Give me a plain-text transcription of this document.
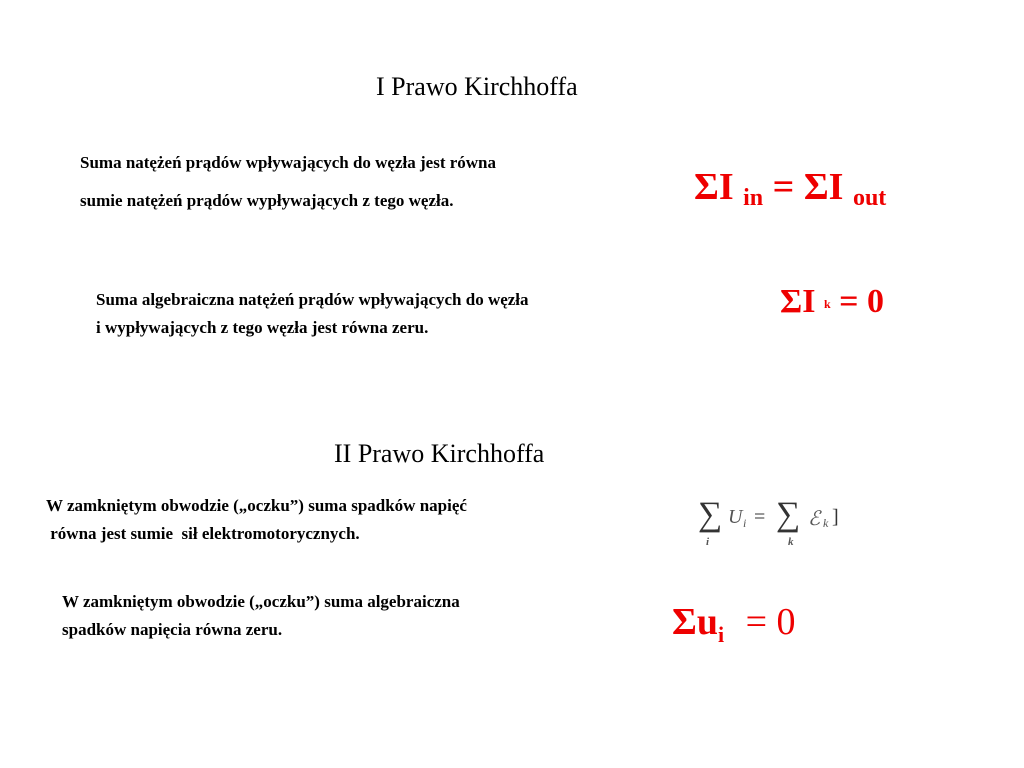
I Prawo Kirchhoffa
Suma natężeń prądów wpływających do węzła jest równa
sumie natężeń prądów wypływających z tego węzła.	ΣI in = ΣI out
Suma algebraiczna natężeń prądów wpływających do węzła
i wypływających z tego węzła jest równa zeru.
ΣI k = 0
II Prawo Kirchhoffa
W zamkniętym obwodzie („oczku”) suma spadków napięć
równa jest sumie  sił elektromotorycznych.
∑ U i = ∑ ℰ k ]
i	k
W zamkniętym obwodzie („oczku”) suma algebraiczna
spadków napięcia równa zeru.	$\Sigma u_i = 0$
